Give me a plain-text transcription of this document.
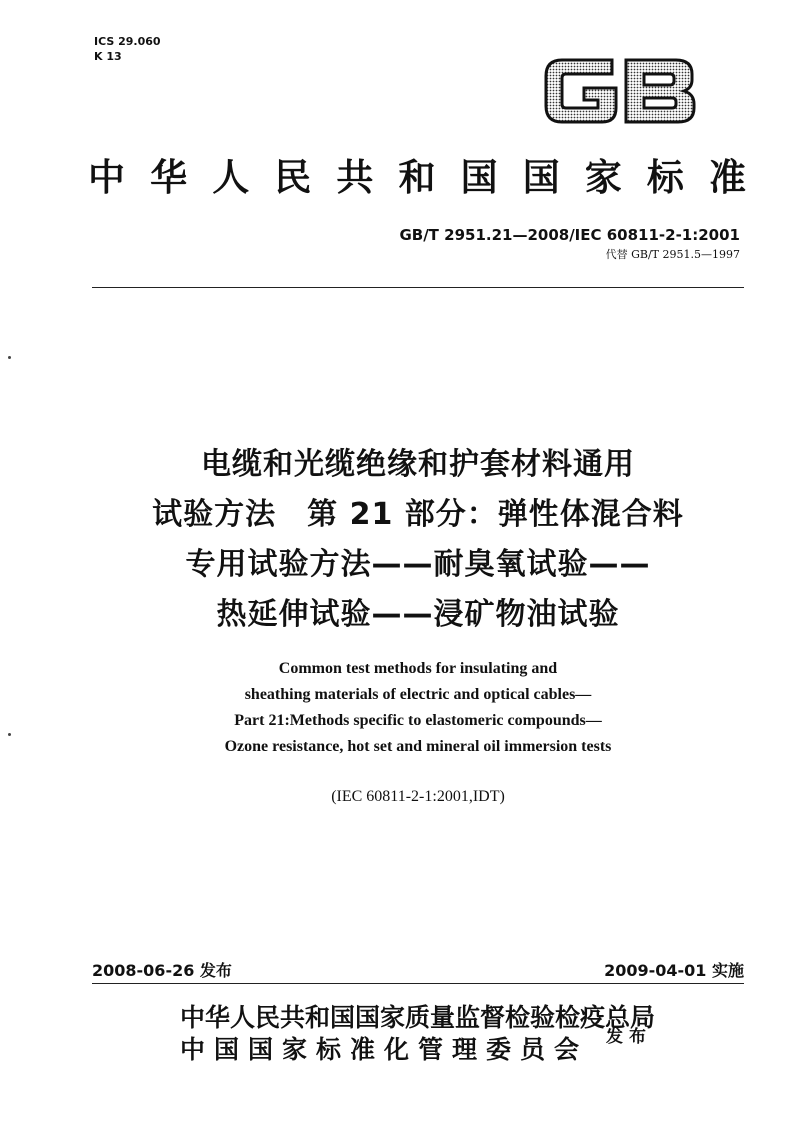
ICS 29.060
K 13
中华人民共和国国家标准
GB/T 2951.21—2008/IEC 60811-2-1:2001
代替 GB/T 2951.5—1997
电缆和光缆绝缘和护套材料通用
试验方法　第 21 部分：弹性体混合料
专用试验方法——耐臭氧试验——
热延伸试验——浸矿物油试验
Common test methods for insulating and
sheathing materials of electric and optical cables—
Part 21:Methods specific to elastomeric compounds—
Ozone resistance, hot set and mineral oil immersion tests
(IEC 60811-2-1:2001,IDT)
2008-06-26 发布	2009-04-01 实施
中华人民共和国国家质量监督检验检疫总局
中国国家标准化管理委员会	发布
